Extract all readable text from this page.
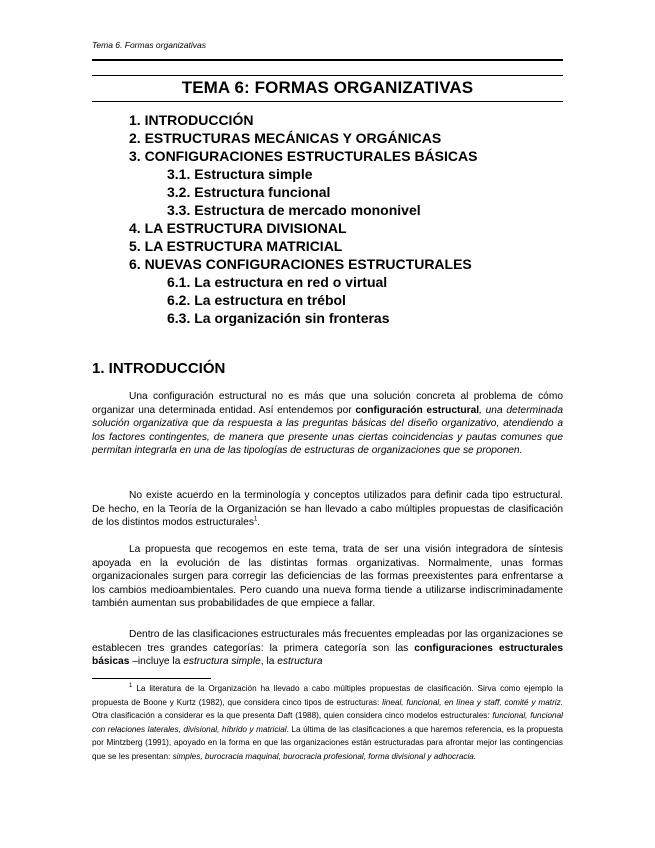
Tema 6. Formas organizativas
TEMA 6: FORMAS ORGANIZATIVAS
1. INTRODUCCIÓN
2. ESTRUCTURAS MECÁNICAS Y ORGÁNICAS
3. CONFIGURACIONES ESTRUCTURALES BÁSICAS
3.1. Estructura simple
3.2. Estructura funcional
3.3. Estructura de mercado mononivel
4. LA ESTRUCTURA DIVISIONAL
5. LA ESTRUCTURA MATRICIAL
6. NUEVAS CONFIGURACIONES ESTRUCTURALES
6.1. La estructura en red o virtual
6.2. La estructura en trébol
6.3. La organización sin fronteras
1. INTRODUCCIÓN

Una configuración estructural no es más que una solución concreta al problema de cómo organizar una determinada entidad. Así entendemos por configuración estructural, una determinada solución organizativa que da respuesta a las preguntas básicas del diseño organizativo, atendiendo a los factores contingentes, de manera que presente unas ciertas coincidencias y pautas comunes que permitan integrarla en una de las tipologías de estructuras de organizaciones que se proponen.

No existe acuerdo en la terminología y conceptos utilizados para definir cada tipo estructural. De hecho, en la Teoría de la Organización se han llevado a cabo múltiples propuestas de clasificación de los distintos modos estructurales$^1$.

La propuesta que recogemos en este tema, trata de ser una visión integradora de síntesis apoyada en la evolución de las distintas formas organizativas. Normalmente, unas formas organizacionales surgen para corregir las deficiencias de las formas preexistentes para enfrentarse a los cambios medioambientales. Pero cuando una nueva forma tiende a utilizarse indiscriminadamente también aumentan sus probabilidades de que empiece a fallar.

Dentro de las clasificaciones estructurales más frecuentes empleadas por las organizaciones se establecen tres grandes categorías: la primera categoría son las configuraciones estructurales básicas –incluye la estructura simple, la estructura

$^1$ La literatura de la Organización ha llevado a cabo múltiples propuestas de clasificación. Sirva como ejemplo la propuesta de Boone y Kurtz (1982), que considera cinco tipos de estructuras: lineal, funcional, en línea y staff, comité y matriz. Otra clasificación a considerar es la que presenta Daft (1988), quien considera cinco modelos estructurales: funcional, funcional con relaciones laterales, divisional, híbrido y matricial. La última de las clasificaciones a que haremos referencia, es la propuesta por Mintzberg (1991), apoyado en la forma en que las organizaciones están estructuradas para afrontar mejor las contingencias que se les presentan: simples, burocracia maquinal, burocracia profesional, forma divisional y adhocracia.
